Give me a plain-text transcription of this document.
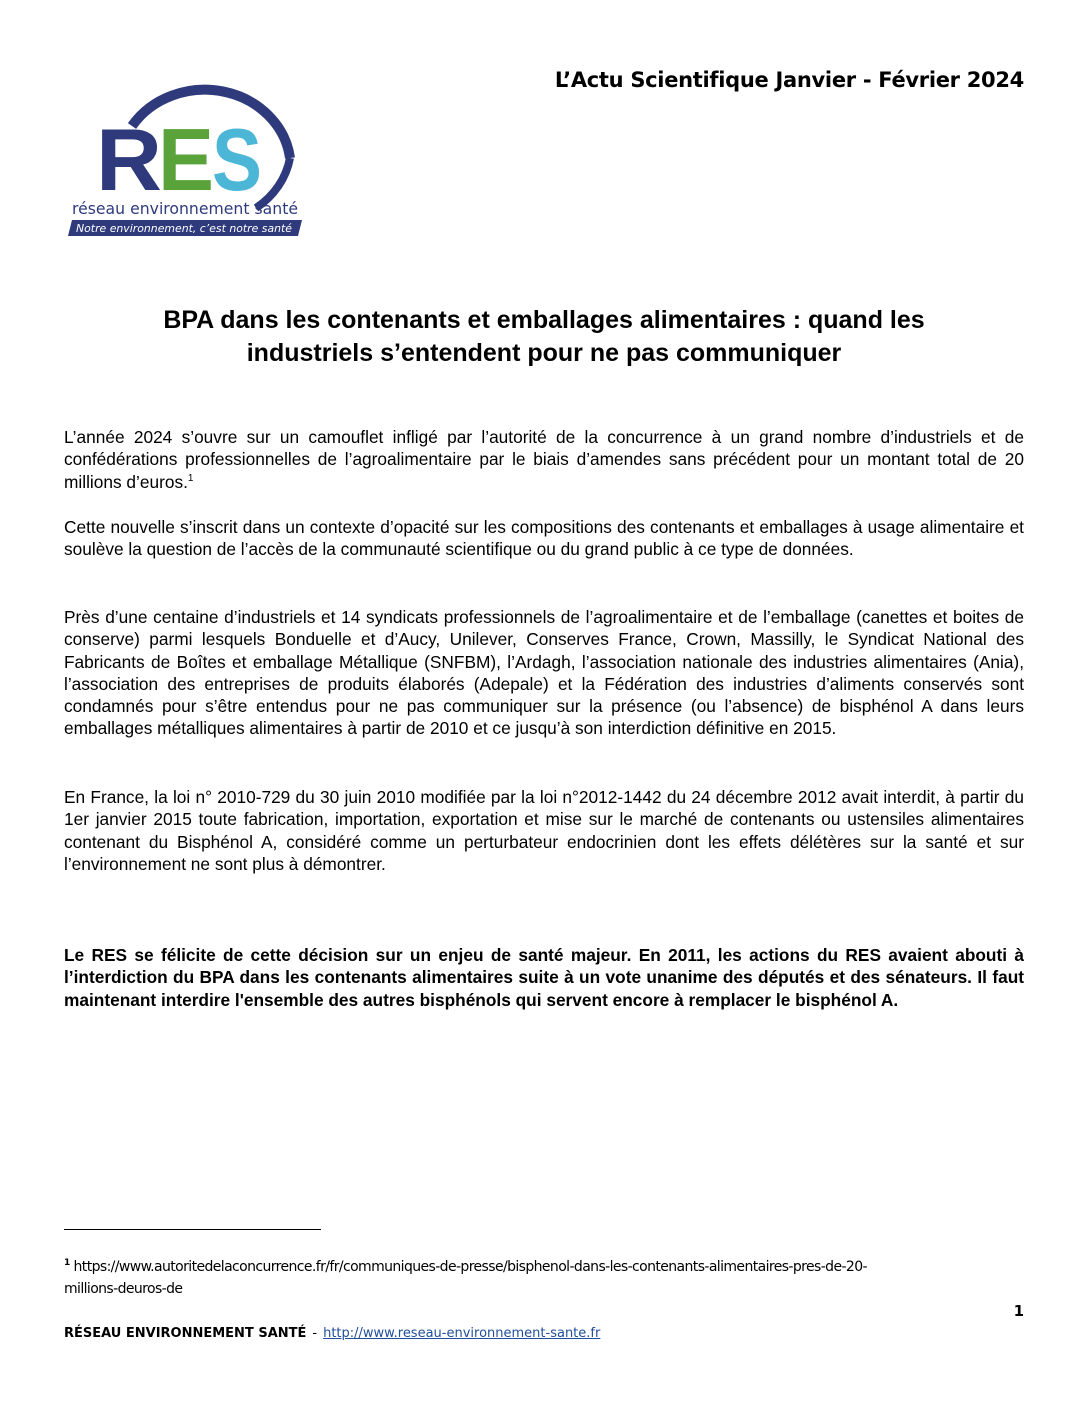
R
E
S
réseau environnement santé
Notre environnement, c’est notre santé
L’Actu Scientifique Janvier - Février 2024
BPA dans les contenants et emballages alimentaires : quand les
industriels s’entendent pour ne pas communiquer

L’année 2024 s’ouvre sur un camouflet infligé par l’autorité de la concurrence à un grand nombre d’industriels et de confédérations professionnelles de l’agroalimentaire par le biais d’amendes sans précédent pour un montant total de 20 millions d’euros.$^1$

Cette nouvelle s’inscrit dans un contexte d’opacité sur les compositions des contenants et emballages à usage alimentaire et soulève la question de l’accès de la communauté scientifique ou du grand public à ce type de données.

Près d’une centaine d’industriels et 14 syndicats professionnels de l’agroalimentaire et de l’emballage (canettes et boites de conserve) parmi lesquels Bonduelle et d’Aucy, Unilever, Conserves France, Crown, Massilly, le Syndicat National des Fabricants de Boîtes et emballage Métallique (SNFBM), l’Ardagh, l’association nationale des industries alimentaires (Ania), l’association des entreprises de produits élaborés (Adepale) et la Fédération des industries d’aliments conservés sont condamnés pour s’être entendus pour ne pas communiquer sur la présence (ou l’absence) de bisphénol A dans leurs emballages métalliques alimentaires à partir de 2010 et ce jusqu’à son interdiction définitive en 2015.

En France, la loi n° 2010-729 du 30 juin 2010 modifiée par la loi n°2012-1442 du 24 décembre 2012 avait interdit, à partir du 1er janvier 2015 toute fabrication, importation, exportation et mise sur le marché de contenants ou ustensiles alimentaires contenant du Bisphénol A, considéré comme un perturbateur endocrinien dont les effets délétères sur la santé et sur l’environnement ne sont plus à démontrer.

Le RES se félicite de cette décision sur un enjeu de santé majeur. En 2011, les actions du RES avaient abouti à l’interdiction du BPA dans les contenants alimentaires suite à un vote unanime des députés et des sénateurs. Il faut maintenant interdire l'ensemble des autres bisphénols qui servent encore à remplacer le bisphénol A.

$^1$ https://www.autoritedelaconcurrence.fr/fr/communiques-de-presse/bisphenol-dans-les-contenants-alimentaires-pres-de-20-
millions-deuros-de

1
RÉSEAU ENVIRONNEMENT SANTÉ - http://www.reseau-environnement-sante.fr
